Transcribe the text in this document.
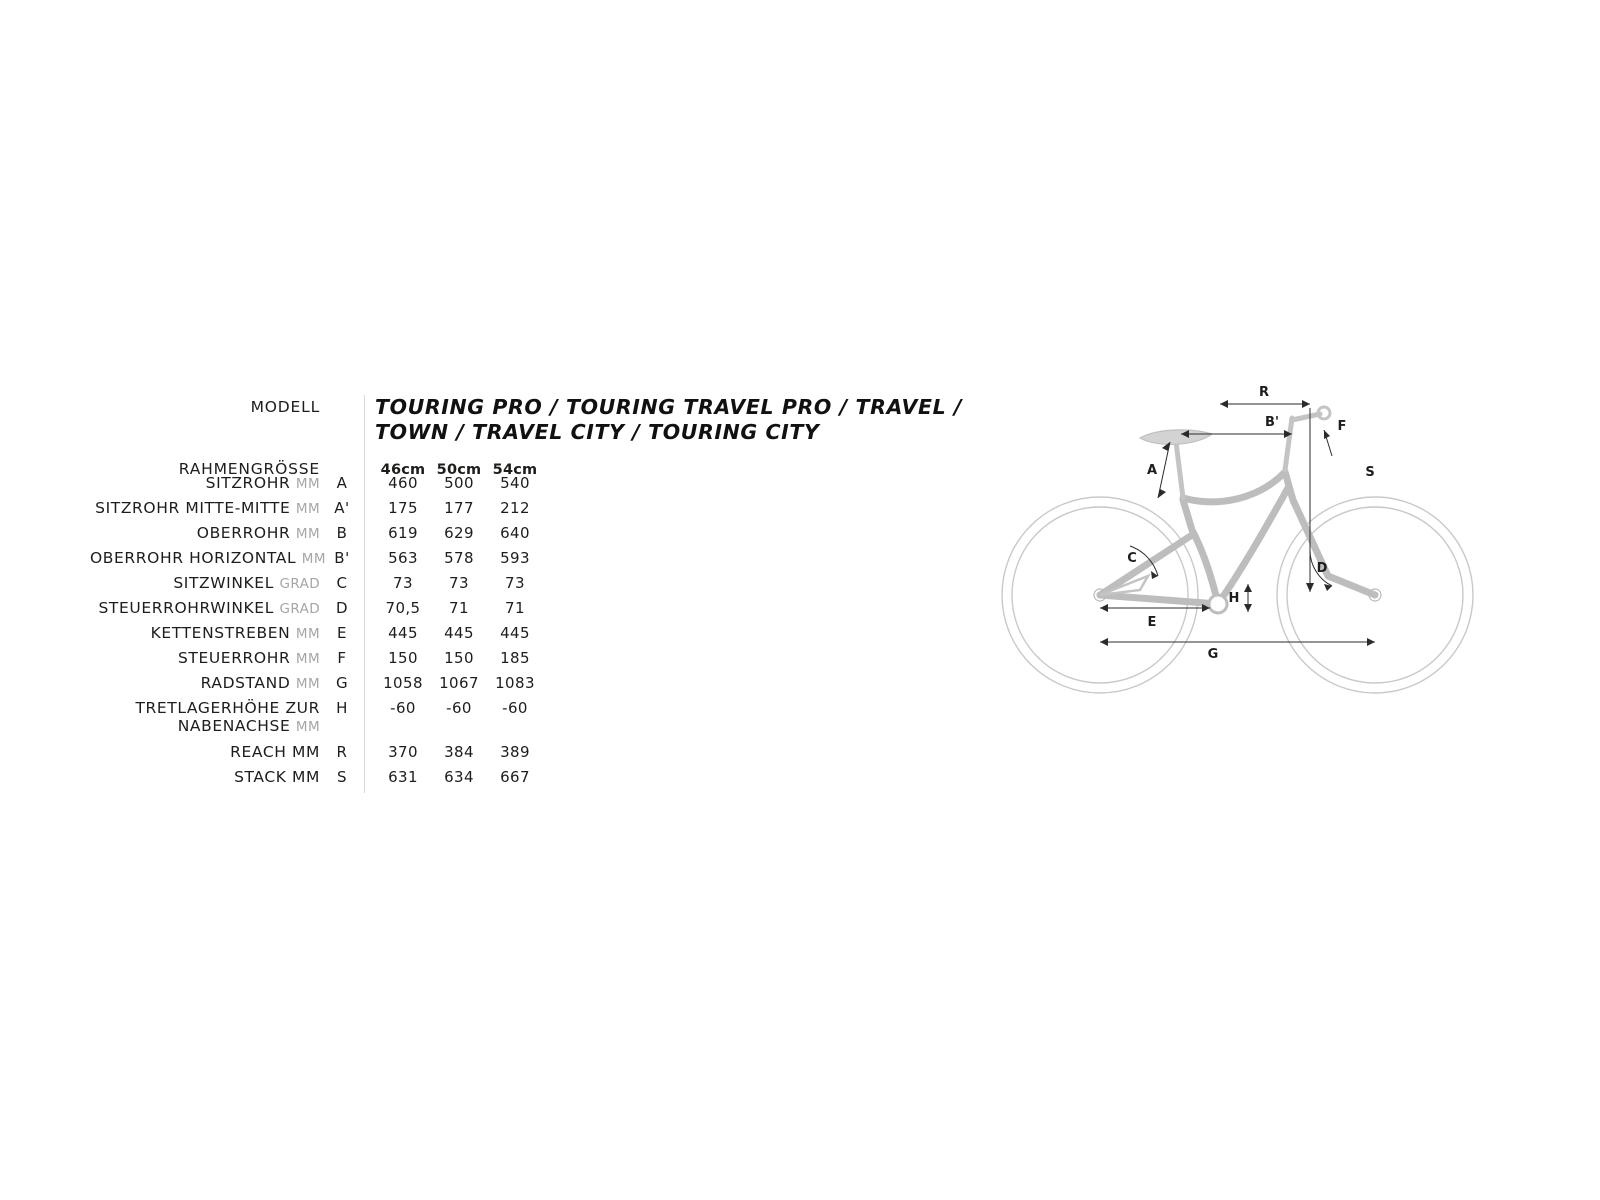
MODELL	TOURING PRO / TOURING TRAVEL PRO / TRAVEL /
TOWN / TRAVEL CITY / TOURING CITY
RAHMENGRÖSSE	46cm 50cm 54cm
SITZROHR MM	A	460	500	540
SITZROHR MITTE-MITTE MM A'	175	177	212
OBERROHR MM	B	619	629	640
OBERROHR HORIZONTAL MM B'	563	578	593
SITZWINKEL GRAD	C	73	73	73
STEUERROHRWINKEL GRAD	D	70,5	71	71
KETTENSTREBEN MM	E	445	445	445
STEUERROHR MM	F	150	150	185
RADSTAND MM	G	1058	1067	1083
TRETLAGERHÖHE ZUR
NABENACHSE MM
H	-60	-60	-60
REACH MM	R	370	384	389
STACK MM	S	631	634	667
G
E
H
A
B'
R
S
F
C
D
